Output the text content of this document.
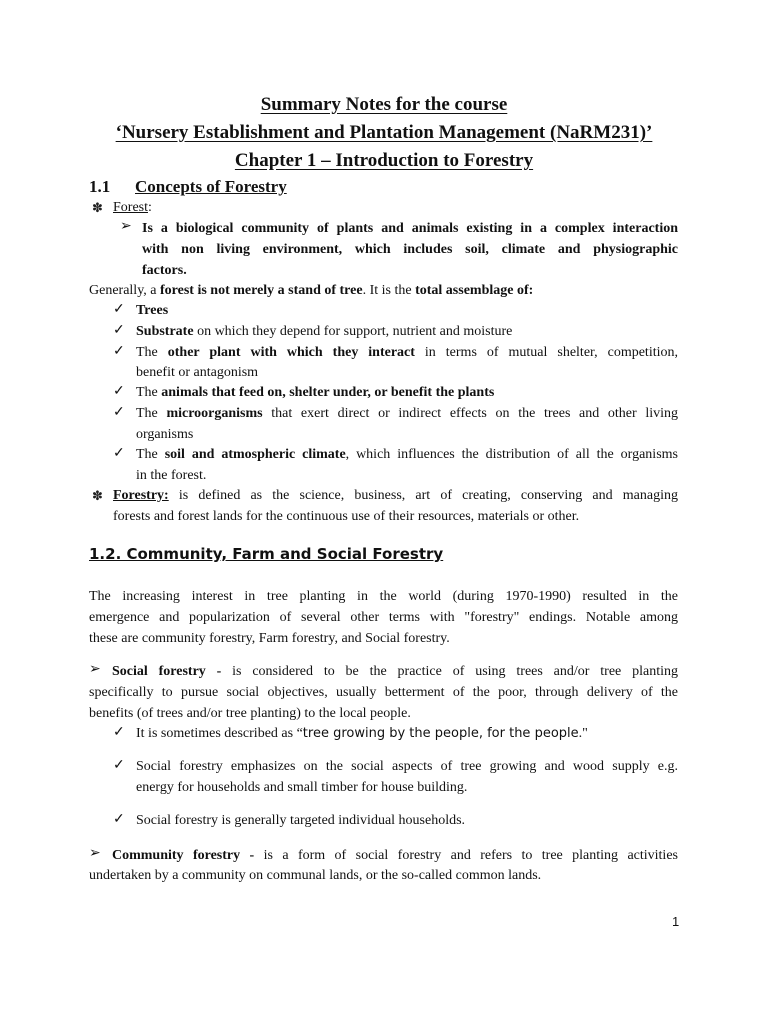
Summary Notes for the course
‘Nursery Establishment and Plantation Management (NaRM231)’
Chapter 1 – Introduction to Forestry
1.1 Concepts of Forestry
✽ Forest:
➢ Is a biological community of plants and animals existing in a complex interaction
with non living environment, which includes soil, climate and physiographic
factors.
Generally, a forest is not merely a stand of tree. It is the total assemblage of:
✓ Trees
✓ Substrate on which they depend for support, nutrient and moisture
✓ The other plant with which they interact in terms of mutual shelter, competition,
benefit or antagonism
✓ The animals that feed on, shelter under, or benefit the plants
✓ The microorganisms that exert direct or indirect effects on the trees and other living
organisms
✓ The soil and atmospheric climate, which influences the distribution of all the organisms
in the forest.
✽ Forestry: is defined as the science, business, art of creating, conserving and managing
forests and forest lands for the continuous use of their resources, materials or other.
1.2. Community, Farm and Social Forestry
The increasing interest in tree planting in the world (during 1970-1990) resulted in the
emergence and popularization of several other terms with "forestry" endings. Notable among
these are community forestry, Farm forestry, and Social forestry.
➢ Social forestry - is considered to be the practice of using trees and/or tree planting
specifically to pursue social objectives, usually betterment of the poor, through delivery of the
benefits (of trees and/or tree planting) to the local people.
✓ It is sometimes described as “tree growing by the people, for the people."
✓ Social forestry emphasizes on the social aspects of tree growing and wood supply e.g.
energy for households and small timber for house building.
✓ Social forestry is generally targeted individual households.
➢ Community forestry - is a form of social forestry and refers to tree planting activities
undertaken by a community on communal lands, or the so-called common lands.
1
